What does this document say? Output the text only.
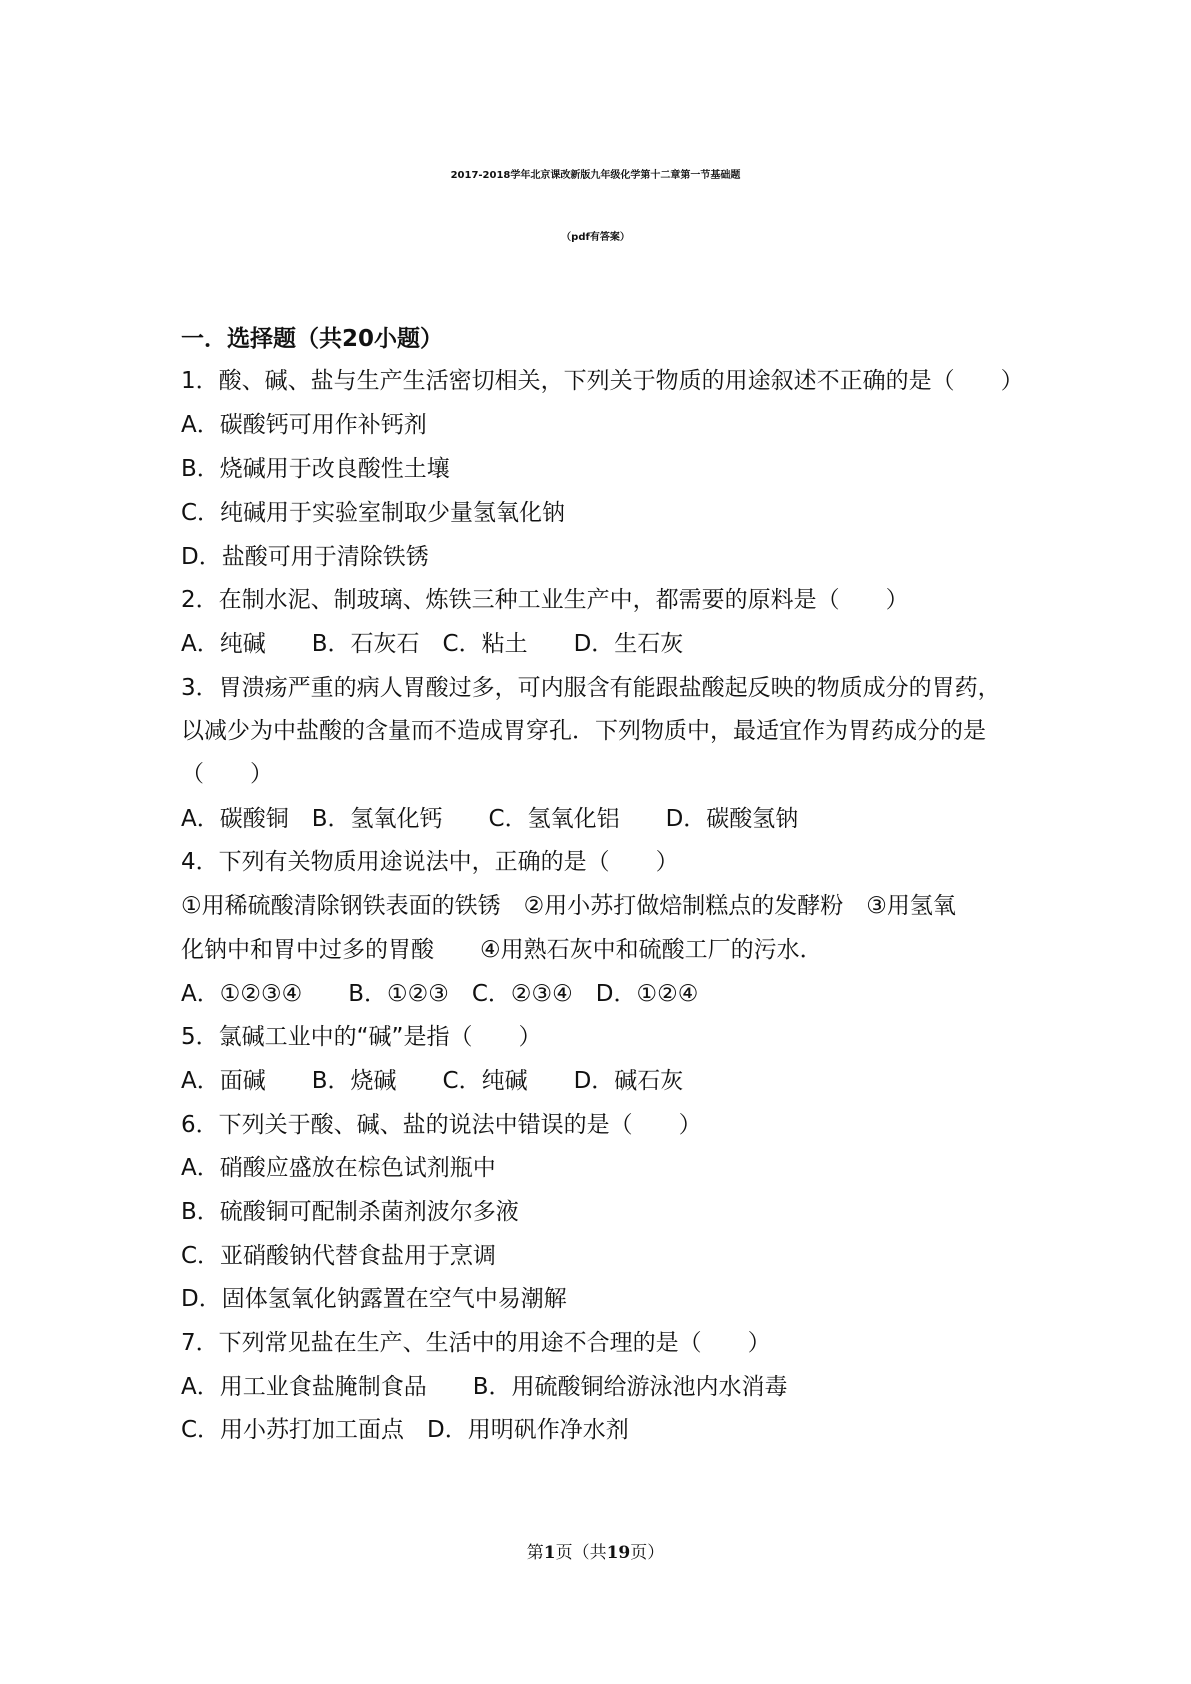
2017-2018学年北京课改新版九年级化学第十二章第一节基础题
（pdf有答案）
一．选择题（共20小题）
1．酸、碱、盐与生产生活密切相关，下列关于物质的用途叙述不正确的是（　　）
A．碳酸钙可用作补钙剂
B．烧碱用于改良酸性土壤
C．纯碱用于实验室制取少量氢氧化钠
D．盐酸可用于清除铁锈
2．在制水泥、制玻璃、炼铁三种工业生产中，都需要的原料是（　　）
A．纯碱　　B．石灰石　C．粘土　　D．生石灰
3．胃溃疡严重的病人胃酸过多，可内服含有能跟盐酸起反映的物质成分的胃药，
以减少为中盐酸的含量而不造成胃穿孔．下列物质中，最适宜作为胃药成分的是
（　　）
A．碳酸铜　B．氢氧化钙　　C．氢氧化铝　　D．碳酸氢钠
4．下列有关物质用途说法中，正确的是（　　）
①用稀硫酸清除钢铁表面的铁锈　②用小苏打做焙制糕点的发酵粉　③用氢氧
化钠中和胃中过多的胃酸　　④用熟石灰中和硫酸工厂的污水．
A．①②③④　　B．①②③　C．②③④　D．①②④
5．氯碱工业中的“碱”是指（　　）
A．面碱　　B．烧碱　　C．纯碱　　D．碱石灰
6．下列关于酸、碱、盐的说法中错误的是（　　）
A．硝酸应盛放在棕色试剂瓶中
B．硫酸铜可配制杀菌剂波尔多液
C．亚硝酸钠代替食盐用于烹调
D．固体氢氧化钠露置在空气中易潮解
7．下列常见盐在生产、生活中的用途不合理的是（　　）
A．用工业食盐腌制食品　　B．用硫酸铜给游泳池内水消毒
C．用小苏打加工面点　D．用明矾作净水剂
第1页（共19页）
